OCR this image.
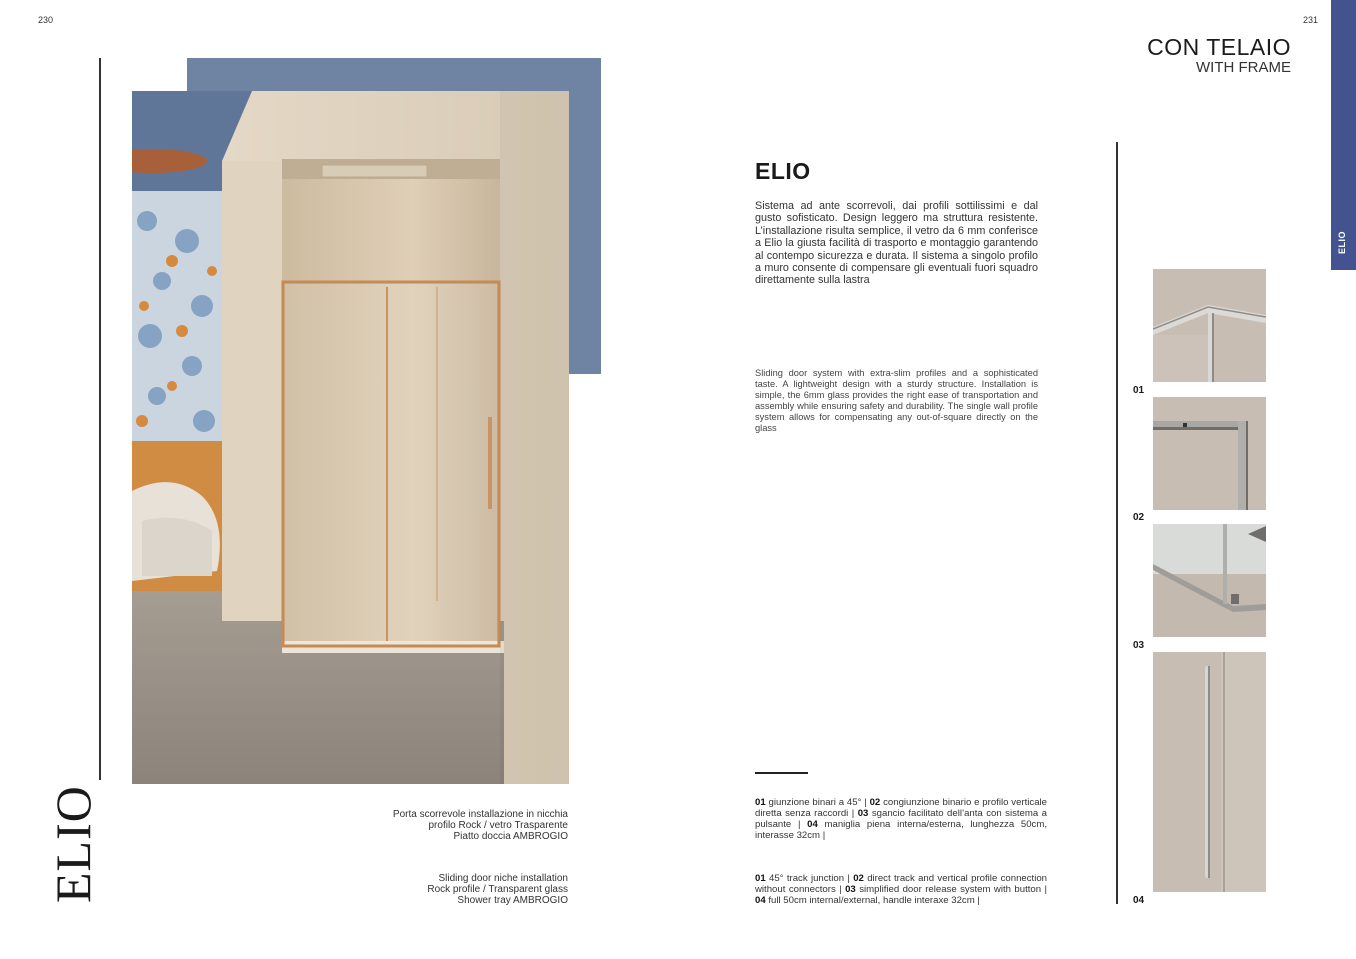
230	231
ELIO	Porta scorrevole installazione in nicchia
profilo Rock / vetro Trasparente
Piatto doccia AMBROGIO
Sliding door niche installation
Rock profile / Transparent glass
Shower tray AMBROGIO
CON TELAIO
WITH FRAME
ELIO
ELIO

Sistema ad ante scorrevoli, dai profili sottilissimi e dal gusto sofisticato. Design leggero ma struttura resistente. L’installazione risulta semplice, il vetro da 6 mm conferisce a Elio la giusta facilità di trasporto e montaggio garantendo al contempo sicurezza e durata. Il sistema a singolo profilo a muro consente di compensare gli eventuali fuori squadro direttamente sulla lastra

Sliding door system with extra-slim profiles and a sophisticated taste. A lightweight design with a sturdy structure. Installation is simple, the 6mm glass provides the right ease of transportation and assembly while ensuring safety and durability. The single wall profile system allows for compensating any out-of-square directly on the glass

01 giunzione binari a 45° | 02 congiunzione binario e profilo verticale diretta senza raccordi | 03 sgancio facilitato dell’anta con sistema a pulsante | 04 maniglia piena interna/esterna, lunghezza 50cm, interasse 32cm |

01 45° track junction | 02 direct track and vertical profile connection without connectors | 03 simplified door release system with button | 04 full 50cm internal/external, handle interaxe 32cm |

01
02
03
04
